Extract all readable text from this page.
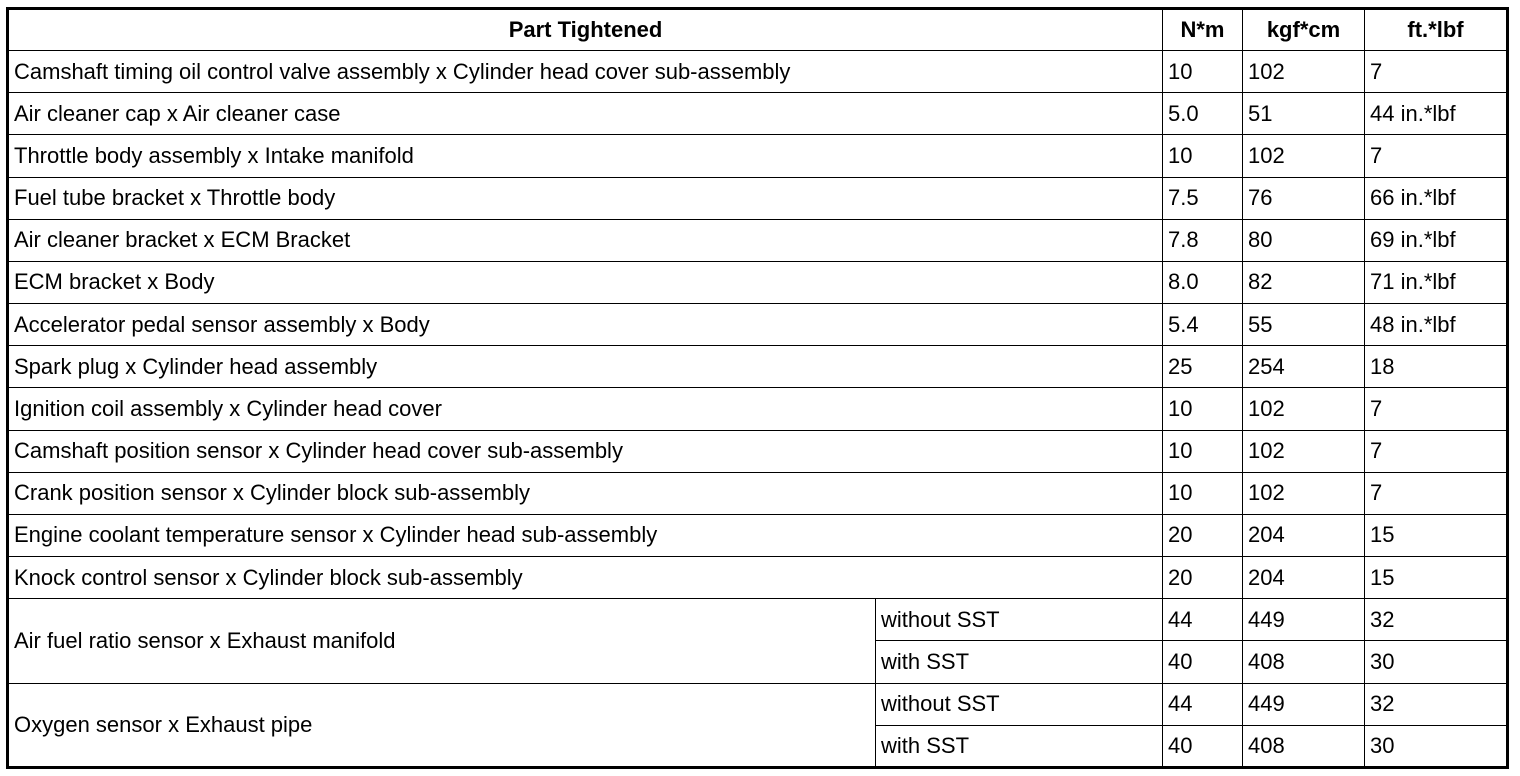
Part Tightened		N*m	kgf*cm	ft.*lbf
Camshaft timing oil control valve assembly x Cylinder head cover sub-assembly		10	102	7
Air cleaner cap x Air cleaner case		5.0	51	44 in.*lbf
Throttle body assembly x Intake manifold		10	102	7
Fuel tube bracket x Throttle body		7.5	76	66 in.*lbf
Air cleaner bracket x ECM Bracket		7.8	80	69 in.*lbf
ECM bracket x Body		8.0	82	71 in.*lbf
Accelerator pedal sensor assembly x Body		5.4	55	48 in.*lbf
Spark plug x Cylinder head assembly		25	254	18
Ignition coil assembly x Cylinder head cover		10	102	7
Camshaft position sensor x Cylinder head cover sub-assembly		10	102	7
Crank position sensor x Cylinder block sub-assembly		10	102	7
Engine coolant temperature sensor x Cylinder head sub-assembly		20	204	15
Knock control sensor x Cylinder block sub-assembly		20	204	15
Air fuel ratio sensor x Exhaust manifold	without SST	44	449	32
	with SST	40	408	30
Oxygen sensor x Exhaust pipe	without SST	44	449	32
	with SST	40	408	30
